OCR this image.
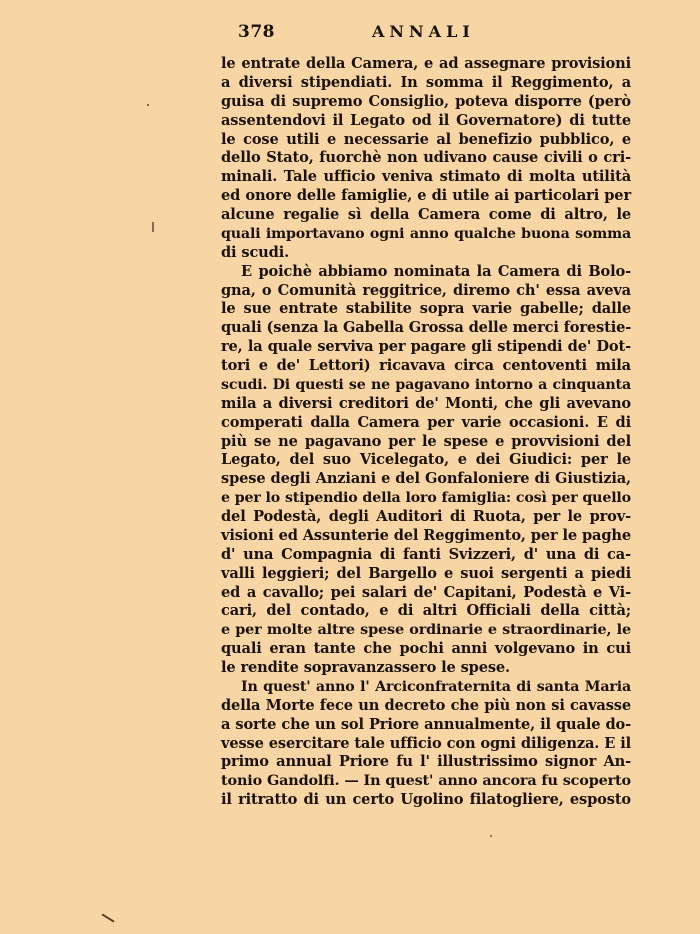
378	ANNALI
le entrate della Camera, e ad assegnare provisioni
a diversi stipendiati. In somma il Reggimento, a
guisa di supremo Consiglio, poteva disporre (però
assentendovi il Legato od il Governatore) di tutte
le cose utili e necessarie al benefizio pubblico, e
dello Stato, fuorchè non udivano cause civili o cri-
minali. Tale ufficio veniva stimato di molta utilità
ed onore delle famiglie, e di utile ai particolari per
alcune regalie sì della Camera come di altro, le
quali importavano ogni anno qualche buona somma
di scudi.
E poichè abbiamo nominata la Camera di Bolo-
gna, o Comunità reggitrice, diremo ch' essa aveva
le sue entrate stabilite sopra varie gabelle; dalle
quali (senza la Gabella Grossa delle merci forestie-
re, la quale serviva per pagare gli stipendi de' Dot-
tori e de' Lettori) ricavava circa centoventi mila
scudi. Di questi se ne pagavano intorno a cinquanta
mila a diversi creditori de' Monti, che gli avevano
comperati dalla Camera per varie occasioni. E di
più se ne pagavano per le spese e provvisioni del
Legato, del suo Vicelegato, e dei Giudici: per le
spese degli Anziani e del Gonfaloniere di Giustizia,
e per lo stipendio della loro famiglia: così per quello
del Podestà, degli Auditori di Ruota, per le prov-
visioni ed Assunterie del Reggimento, per le paghe
d' una Compagnia di fanti Svizzeri, d' una di ca-
valli leggieri; del Bargello e suoi sergenti a piedi
ed a cavallo; pei salari de' Capitani, Podestà e Vi-
cari, del contado, e di altri Officiali della città;
e per molte altre spese ordinarie e straordinarie, le
quali eran tante che pochi anni volgevano in cui
le rendite sopravanzassero le spese.
In quest' anno l' Arciconfraternita di santa Maria
della Morte fece un decreto che più non si cavasse
a sorte che un sol Priore annualmente, il quale do-
vesse esercitare tale ufficio con ogni diligenza. E il
primo annual Priore fu l' illustrissimo signor An-
tonio Gandolfi. — In quest' anno ancora fu scoperto
il ritratto di un certo Ugolino filatogliere, esposto
